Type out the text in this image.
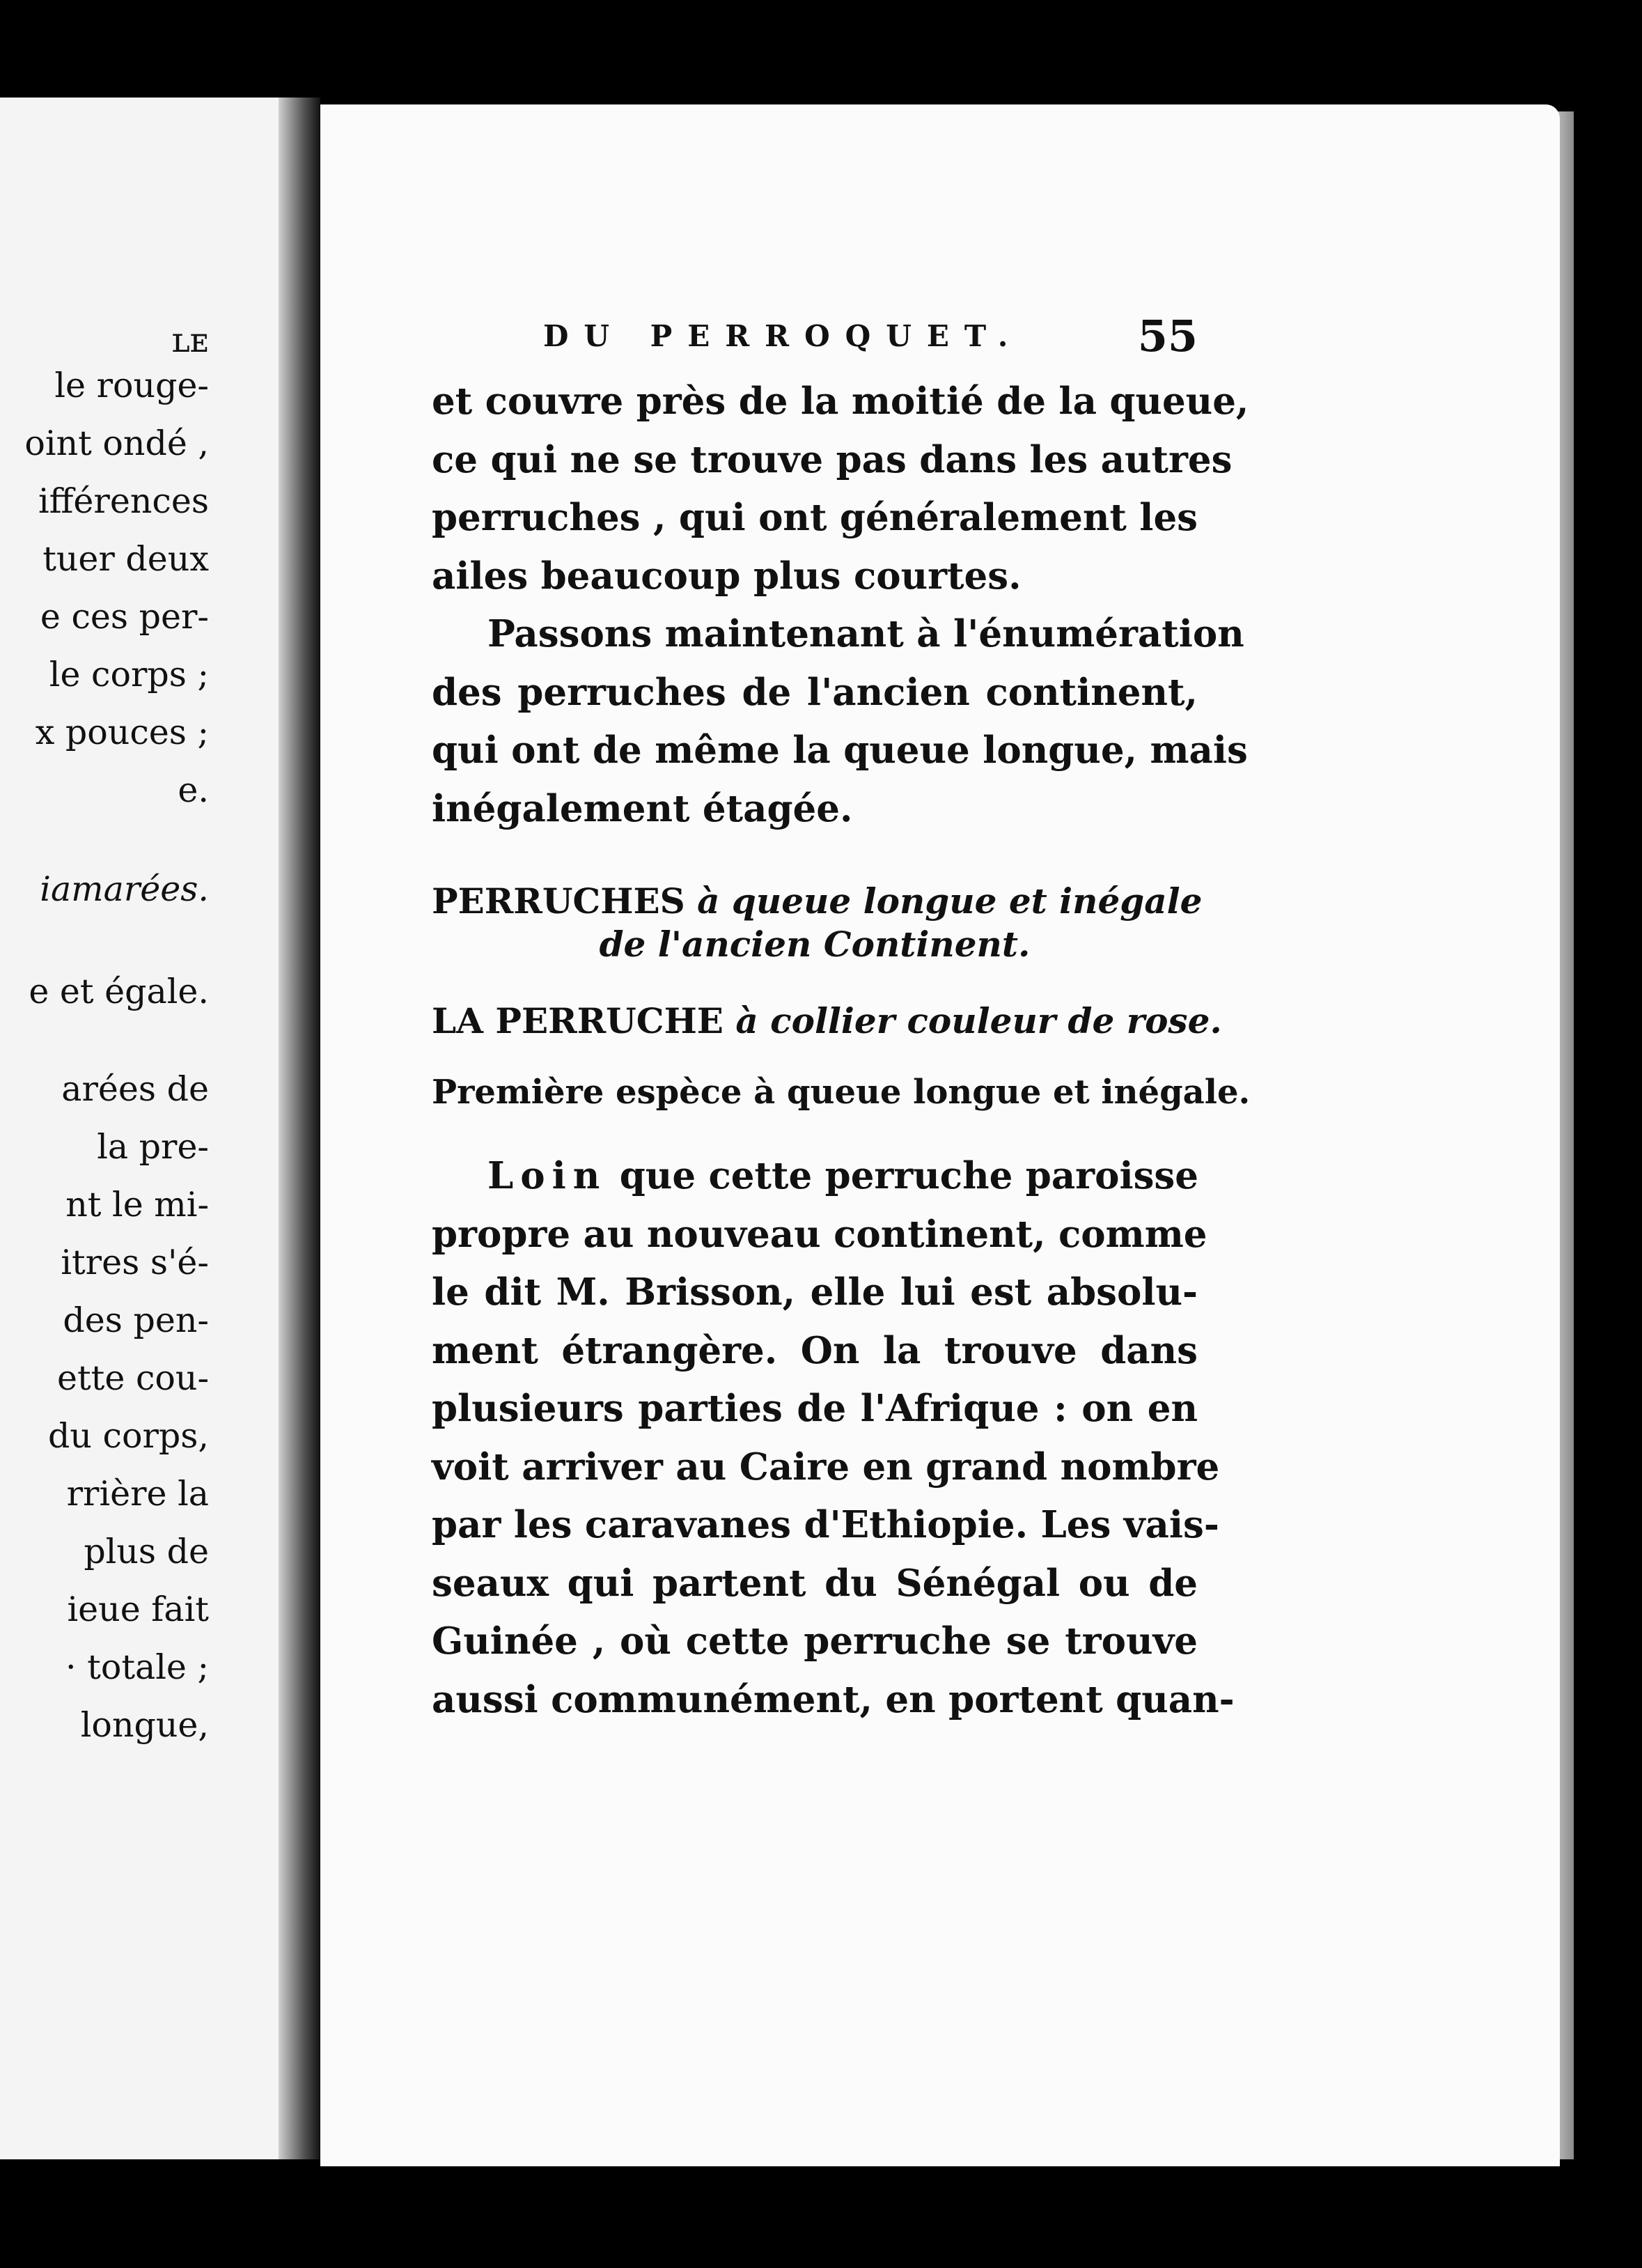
ʟᴇ
le rouge-
oint ondé ,
ifférences
tuer deux
e ces per-
le corps ;
x pouces ;
e.
iamarées.
e et égale.
arées de
la pre-
nt le mi-
itres s'é-
des pen-
ette cou-
du corps,
rrière la
plus de
ieue fait
· totale ;
longue,
DU PERROQUET.	55
et couvre près de la moitié de la queue,
ce qui ne se trouve pas dans les autres
perruches , qui ont généralement les
ailes beaucoup plus courtes.
Passons maintenant à l'énumération
des perruches de l'ancien continent,
qui ont de même la queue longue, mais
inégalement étagée.
PERRUCHES à queue longue et inégale
de l'ancien Continent.
LA PERRUCHE à collier couleur de rose.
Première espèce à queue longue et inégale.
Loin que cette perruche paroisse
propre au nouveau continent, comme
le dit M. Brisson, elle lui est absolu-
ment étrangère. On la trouve dans
plusieurs parties de l'Afrique : on en
voit arriver au Caire en grand nombre
par les caravanes d'Ethiopie. Les vais-
seaux qui partent du Sénégal ou de
Guinée , où cette perruche se trouve
aussi communément, en portent quan-
